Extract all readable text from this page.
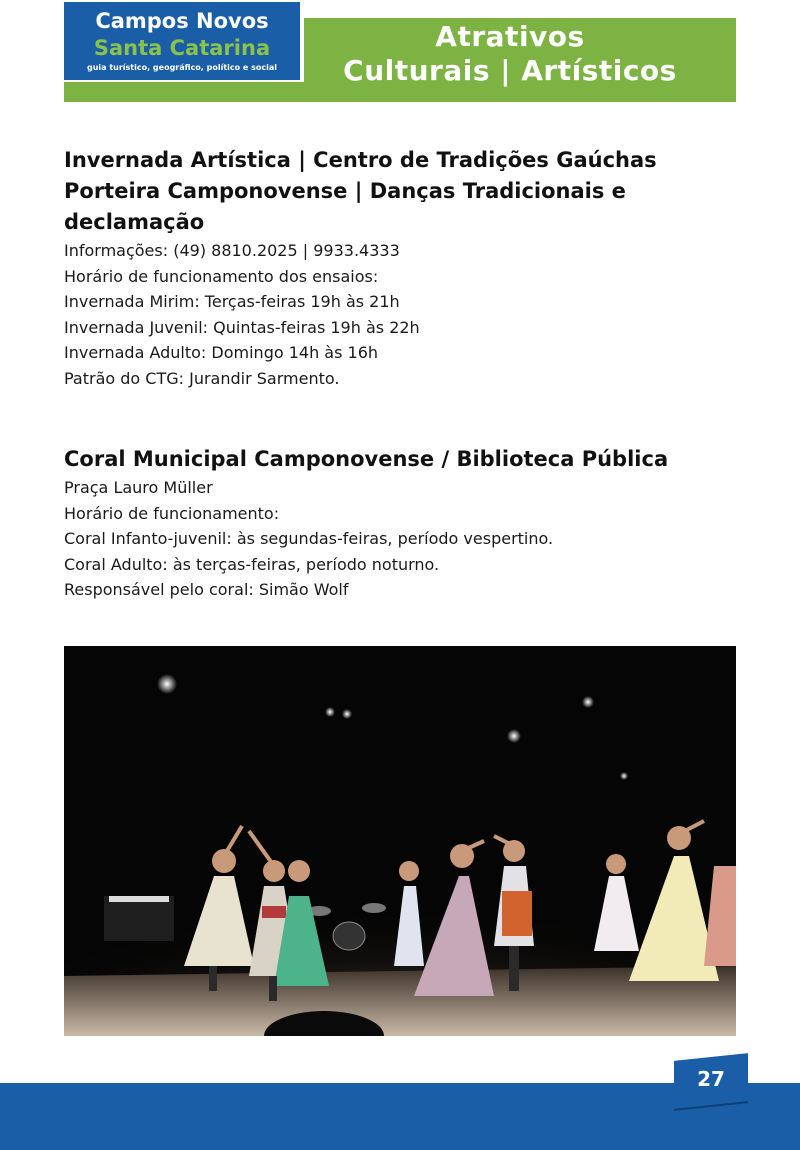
Atrativos
Culturais | Artísticos
Campos Novos
Santa Catarina
guia turístico, geográfico, político e social
Invernada Artística | Centro de Tradições Gaúchas
Porteira Camponovense | Danças Tradicionais e
declamação

Informações: (49) 8810.2025 | 9933.4333

Horário de funcionamento dos ensaios:

Invernada Mirim: Terças-feiras 19h às 21h

Invernada Juvenil: Quintas-feiras 19h às 22h

Invernada Adulto: Domingo 14h às 16h

Patrão do CTG: Jurandir Sarmento.

Coral Municipal Camponovense / Biblioteca Pública

Praça Lauro Müller

Horário de funcionamento:

Coral Infanto-juvenil: às segundas-feiras, período vespertino.

Coral Adulto: às terças-feiras, período noturno.

Responsável pelo coral: Simão Wolf

27
